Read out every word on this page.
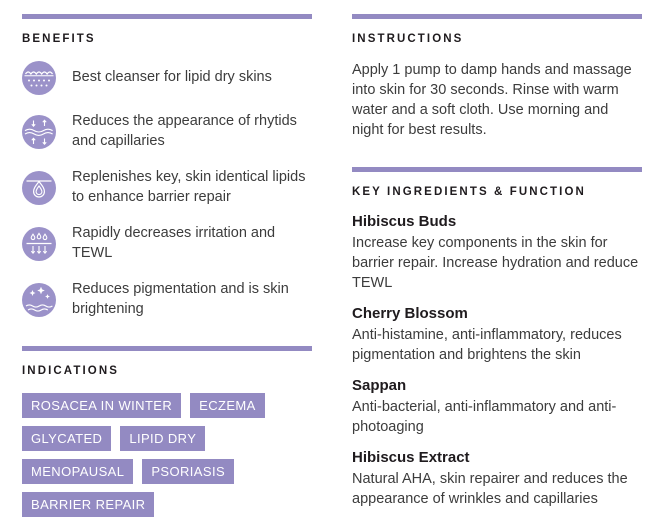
BENEFITS
Best cleanser for lipid dry skins
Reduces the appearance of rhytids and capillaries
Replenishes key, skin identical lipids to enhance barrier repair
Rapidly decreases irritation and TEWL
Reduces pigmentation and is skin brightening
INDICATIONS
ROSACEA IN WINTER	ECZEMA
GLYCATED	LIPID DRY
MENOPAUSAL	PSORIASIS
BARRIER REPAIR
INSTRUCTIONS

Apply 1 pump to damp hands and massage into skin for 30 seconds. Rinse with warm water and a soft cloth. Use morning and night for best results.

KEY INGREDIENTS & FUNCTION
Hibiscus Buds
Increase key components in the skin for barrier repair. Increase hydration and reduce TEWL
Cherry Blossom
Anti-histamine, anti-inflammatory, reduces pigmentation and brightens the skin
Sappan
Anti-bacterial, anti-inflammatory and anti-photoaging
Hibiscus Extract
Natural AHA, skin repairer and reduces the appearance of wrinkles and capillaries
